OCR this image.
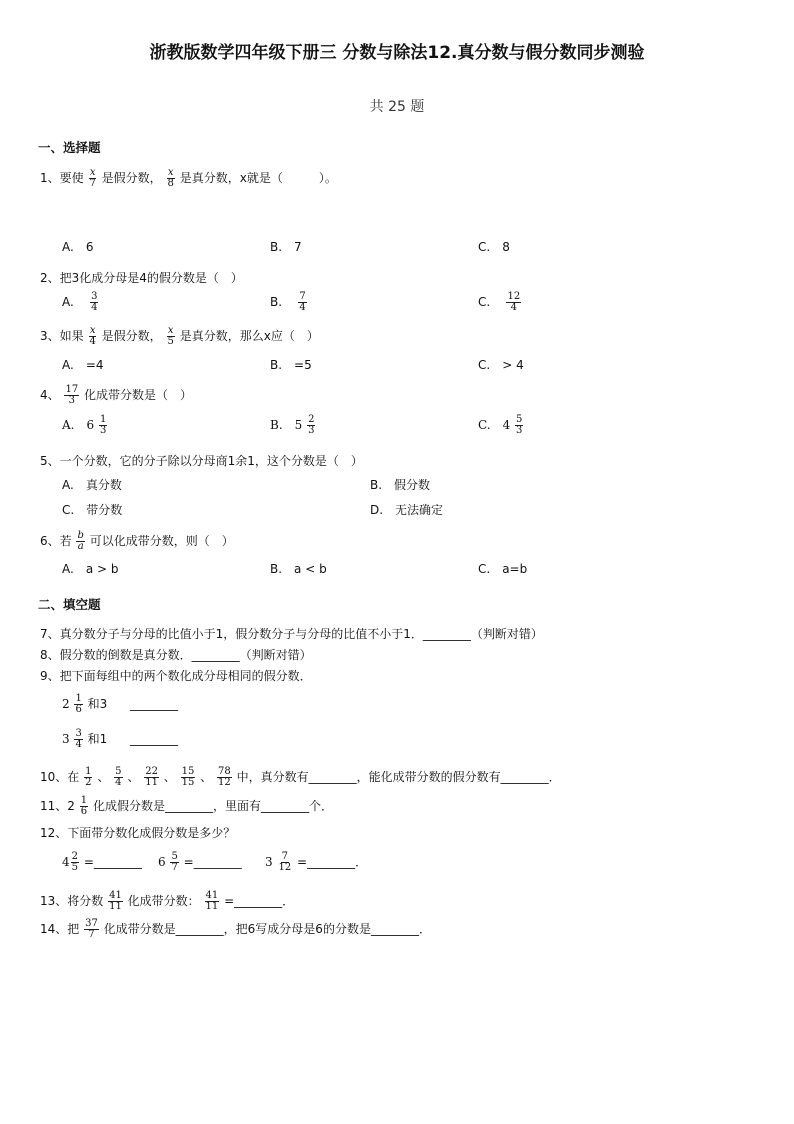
浙教版数学四年级下册三 分数与除法12.真分数与假分数同步测验
共 25 题
一、选择题
1、要使 $\frac{x}{7}$ 是假分数， $\frac{x}{8}$ 是真分数，x就是（　　　）。
A.　6	B.　7	C.　8
2、把3化成分母是4的假分数是（　）
A. $\frac{3}{4}$	B. $\frac{7}{4}$	C. $\frac{12}{4}$
3、如果 $\frac{x}{4}$ 是假分数， $\frac{x}{5}$ 是真分数，那么x应（　）
A.　=4	B.　=5	C.　> 4
4、 $\frac{17}{3}$ 化成带分数是（　）
A.　$6 \frac{1}{3}$	B.　$5 \frac{2}{3}$	C.　$4 \frac{5}{3}$
5、一个分数，它的分子除以分母商1余1，这个分数是（　）
A.　真分数	B.　假分数
C.　带分数	D.　无法确定
6、若 $\frac{b}{a}$ 可以化成带分数，则（　）
A.　a > b	B.　a < b	C.　a=b
二、填空题
7、真分数分子与分母的比值小于1，假分数分子与分母的比值不小于1．________（判断对错）
8、假分数的倒数是真分数．________（判断对错）
9、把下面每组中的两个数化成分母相同的假分数．
$2 \frac{1}{6}$ 和3 ________
$3 \frac{3}{4}$ 和1 ________
10、在 $\frac{1}{2}$ 、 $\frac{5}{4}$ 、 $\frac{22}{11}$ 、 $\frac{15}{15}$ 、 $\frac{78}{12}$ 中，真分数有________，能化成带分数的假分数有________．
11、$2 \frac{1}{6}$ 化成假分数是________，里面有________个．
12、下面带分数化成假分数是多少？
$4 \frac{2}{5}$ =________ $6 \frac{5}{7}$ =________ $3 \frac{7}{12}$ =________．
13、将分数 $\frac{41}{11}$ 化成带分数： $\frac{41}{11}$ =________．
14、把 $\frac{37}{7}$ 化成带分数是________，把6写成分母是6的分数是________．
